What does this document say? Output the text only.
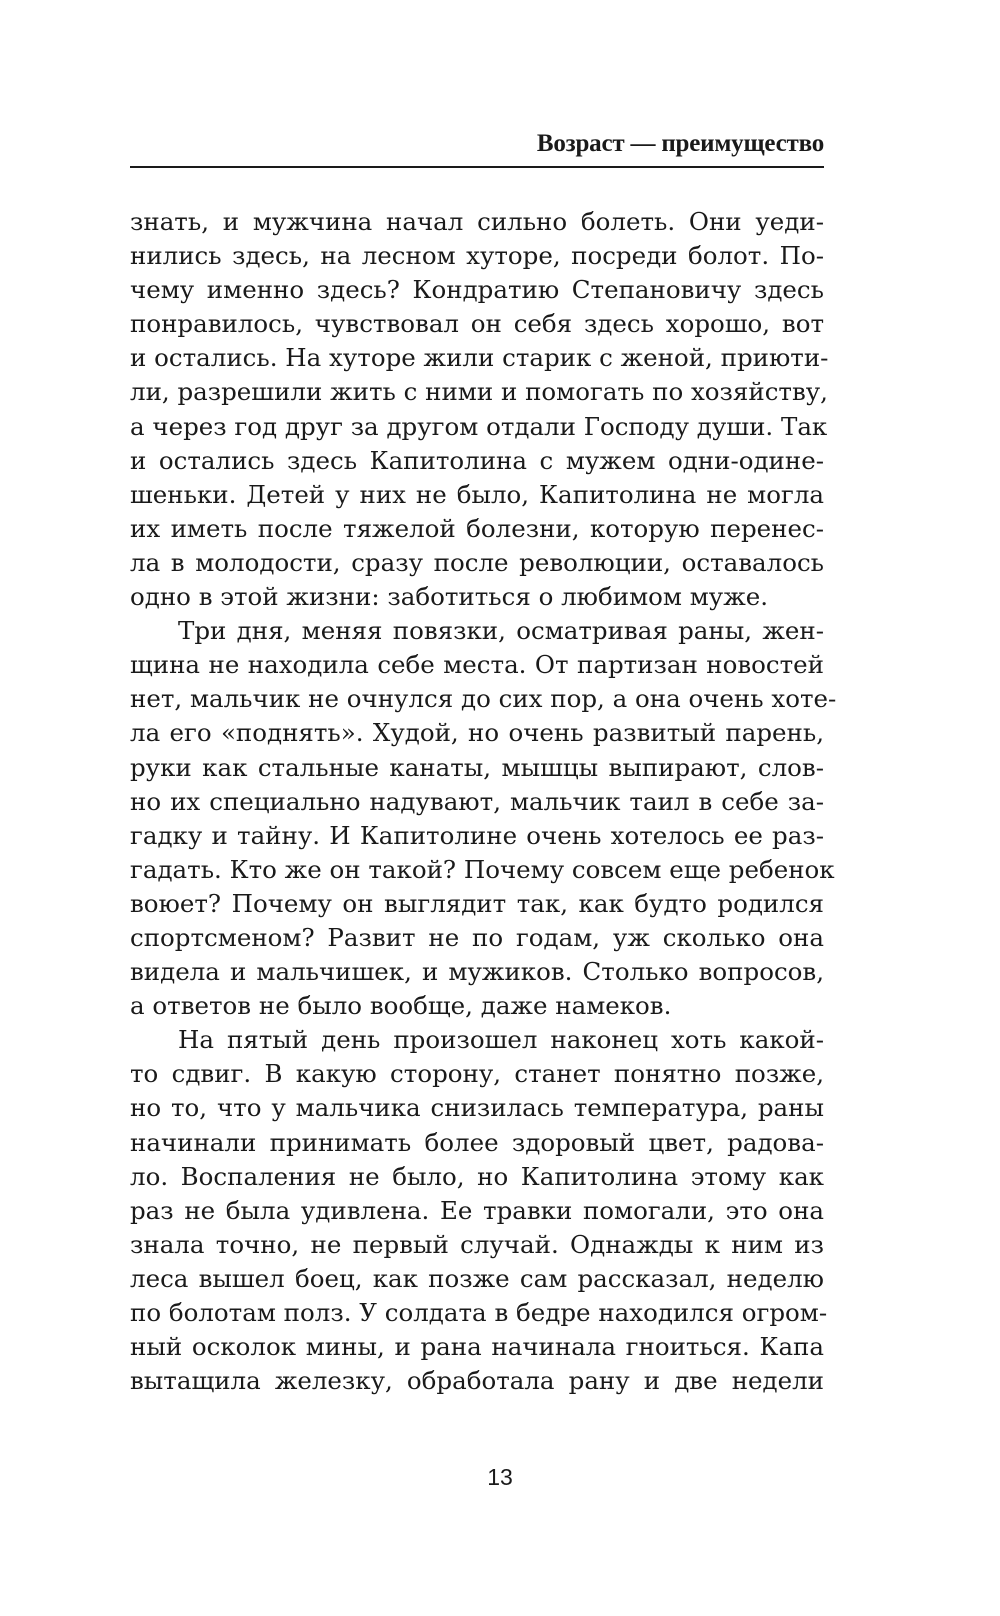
Возраст — преимущество
знать, и мужчина начал сильно болеть. Они уеди-
нились здесь, на лесном хуторе, посреди болот. По-
чему именно здесь? Кондратию Степановичу здесь
понравилось, чувствовал он себя здесь хорошо, вот
и остались. На хуторе жили старик с женой, приюти-
ли, разрешили жить с ними и помогать по хозяйству,
а через год друг за другом отдали Господу души. Так
и остались здесь Капитолина с мужем одни-одине-
шеньки. Детей у них не было, Капитолина не могла
их иметь после тяжелой болезни, которую перенес-
ла в молодости, сразу после революции, оставалось
одно в этой жизни: заботиться о любимом муже.
Три дня, меняя повязки, осматривая раны, жен-
щина не находила себе места. От партизан новостей
нет, мальчик не очнулся до сих пор, а она очень хоте-
ла его «поднять». Худой, но очень развитый парень,
руки как стальные канаты, мышцы выпирают, слов-
но их специально надувают, мальчик таил в себе за-
гадку и тайну. И Капитолине очень хотелось ее раз-
гадать. Кто же он такой? Почему совсем еще ребенок
воюет? Почему он выглядит так, как будто родился
спортсменом? Развит не по годам, уж сколько она
видела и мальчишек, и мужиков. Столько вопросов,
а ответов не было вообще, даже намеков.
На пятый день произошел наконец хоть какой-
то сдвиг. В какую сторону, станет понятно позже,
но то, что у мальчика снизилась температура, раны
начинали принимать более здоровый цвет, радова-
ло. Воспаления не было, но Капитолина этому как
раз не была удивлена. Ее травки помогали, это она
знала точно, не первый случай. Однажды к ним из
леса вышел боец, как позже сам рассказал, неделю
по болотам полз. У солдата в бедре находился огром-
ный осколок мины, и рана начинала гноиться. Капа
вытащила железку, обработала рану и две недели
13
